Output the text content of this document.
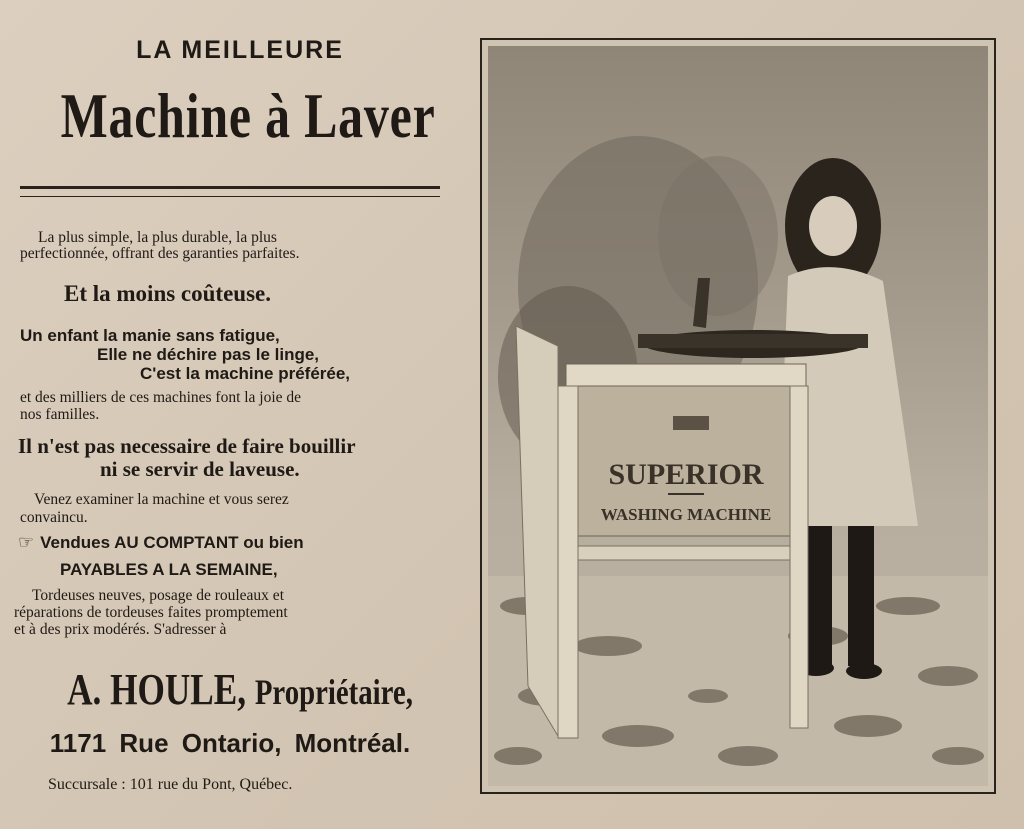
LA MEILLEURE
Machine à Laver
La plus simple, la plus durable, la plus
perfectionnée, offrant des garanties parfaites.
Et la moins coûteuse.
Un enfant la manie sans fatigue,
Elle ne déchire pas le linge,
C'est la machine préférée,
et des milliers de ces machines font la joie de
nos familles.
Il n'est pas necessaire de faire bouillir
ni se servir de laveuse.
Venez examiner la machine et vous serez
convaincu.
☞ Vendues AU COMPTANT ou bien
PAYABLES A LA SEMAINE,
Tordeuses neuves, posage de rouleaux et
réparations de tordeuses faites promptement
et à des prix modérés. S'adresser à
A. HOULE, Propriétaire,
1171 Rue Ontario, Montréal.
Succursale : 101 rue du Pont, Québec.
SUPERIOR
WASHING MACHINE
